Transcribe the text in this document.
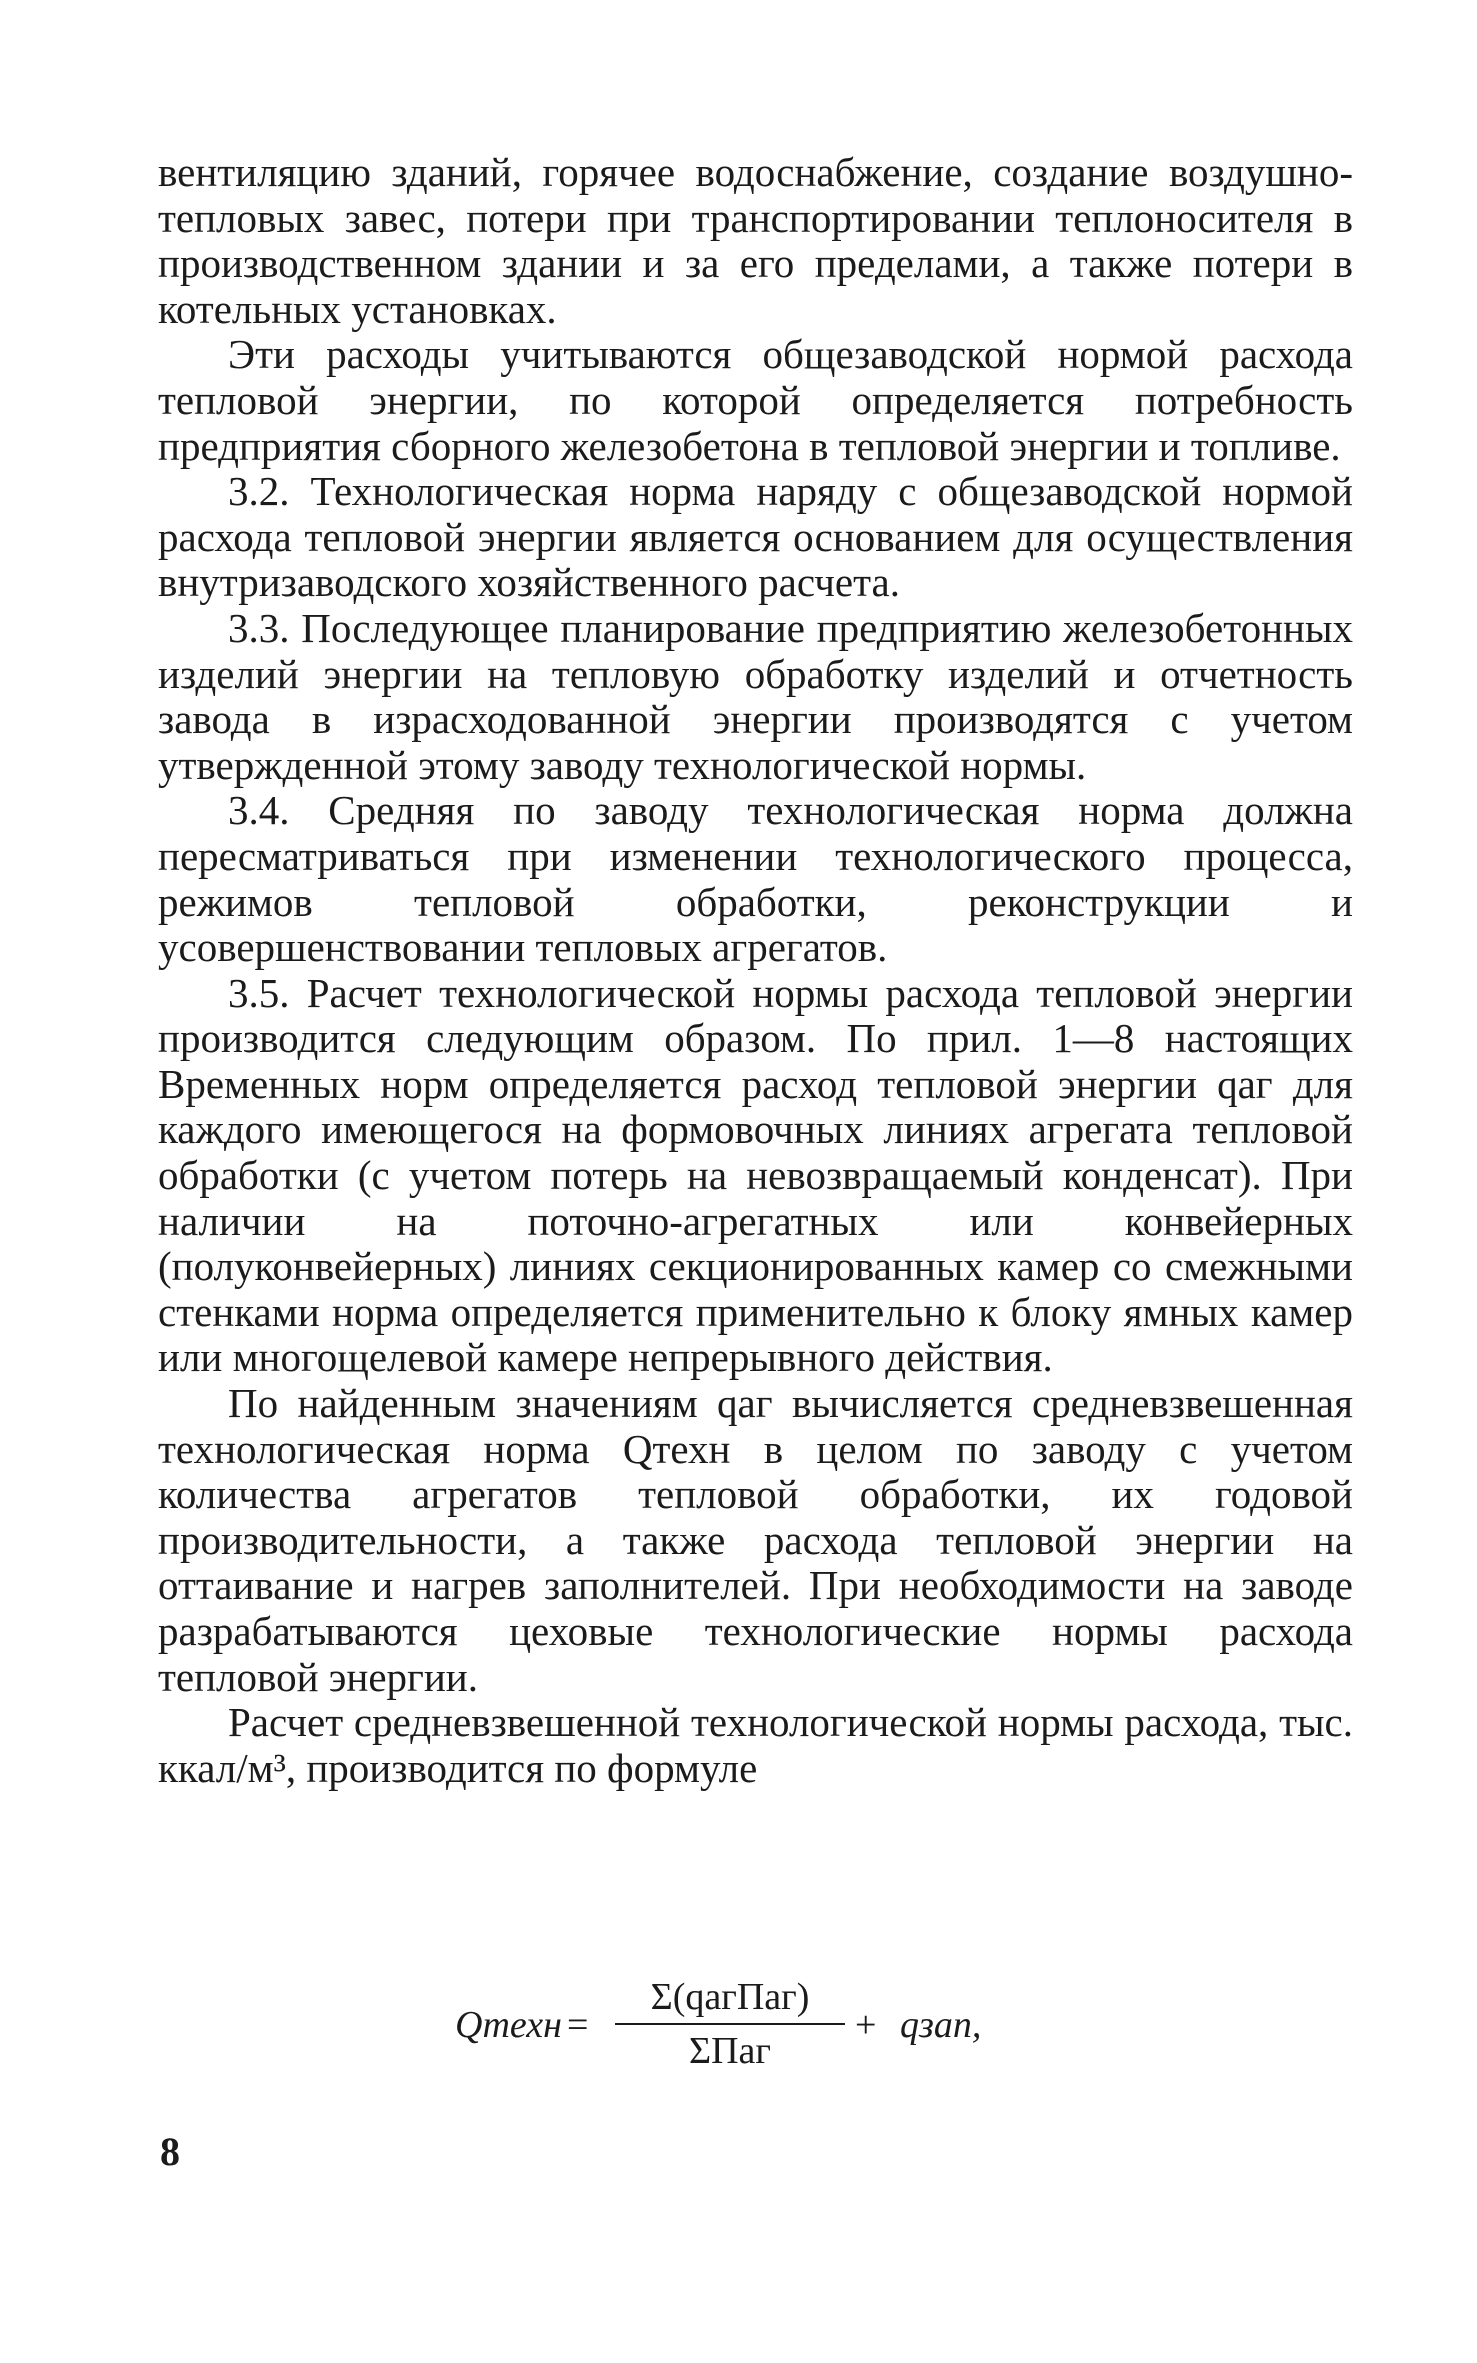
вентиляцию зданий, горячее водоснабжение, создание воздушно-тепловых завес, потери при транспортировании теплоносителя в производственном здании и за его пределами, а также потери в котельных установках.

Эти расходы учитываются общезаводской нормой расхода тепловой энергии, по которой определяется потребность предприятия сборного железобетона в тепловой энергии и топливе.

3.2. Технологическая норма наряду с общезаводской нормой расхода тепловой энергии является основанием для осуществления внутризаводского хозяйственного расчета.

3.3. Последующее планирование предприятию железобетонных изделий энергии на тепловую обработку изделий и отчетность завода в израсходованной энергии производятся с учетом утвержденной этому заводу технологической нормы.

3.4. Средняя по заводу технологическая норма должна пересматриваться при изменении технологического процесса, режимов тепловой обработки, реконструкции и усовершенствовании тепловых агрегатов.

3.5. Расчет технологической нормы расхода тепловой энергии производится следующим образом. По прил. 1—8 настоящих Временных норм определяется расход тепловой энергии qаг для каждого имеющегося на формовочных линиях агрегата тепловой обработки (с учетом потерь на невозвращаемый конденсат). При наличии на поточно-агрегатных или конвейерных (полуконвейерных) линиях секционированных камер со смежными стенками норма определяется применительно к блоку ямных камер или многощелевой камере непрерывного действия.

По найденным значениям qаг вычисляется средневзвешенная технологическая норма Qтехн в целом по заводу с учетом количества агрегатов тепловой обработки, их годовой производительности, а также расхода тепловой энергии на оттаивание и нагрев заполнителей. При необходимости на заводе разрабатываются цеховые технологические нормы расхода тепловой энергии.

Расчет средневзвешенной технологической нормы расхода, тыс. ккал/м³, производится по формуле

Qтехн =
Σ(qагПаг)
ΣПаг
+ qзап,
8
